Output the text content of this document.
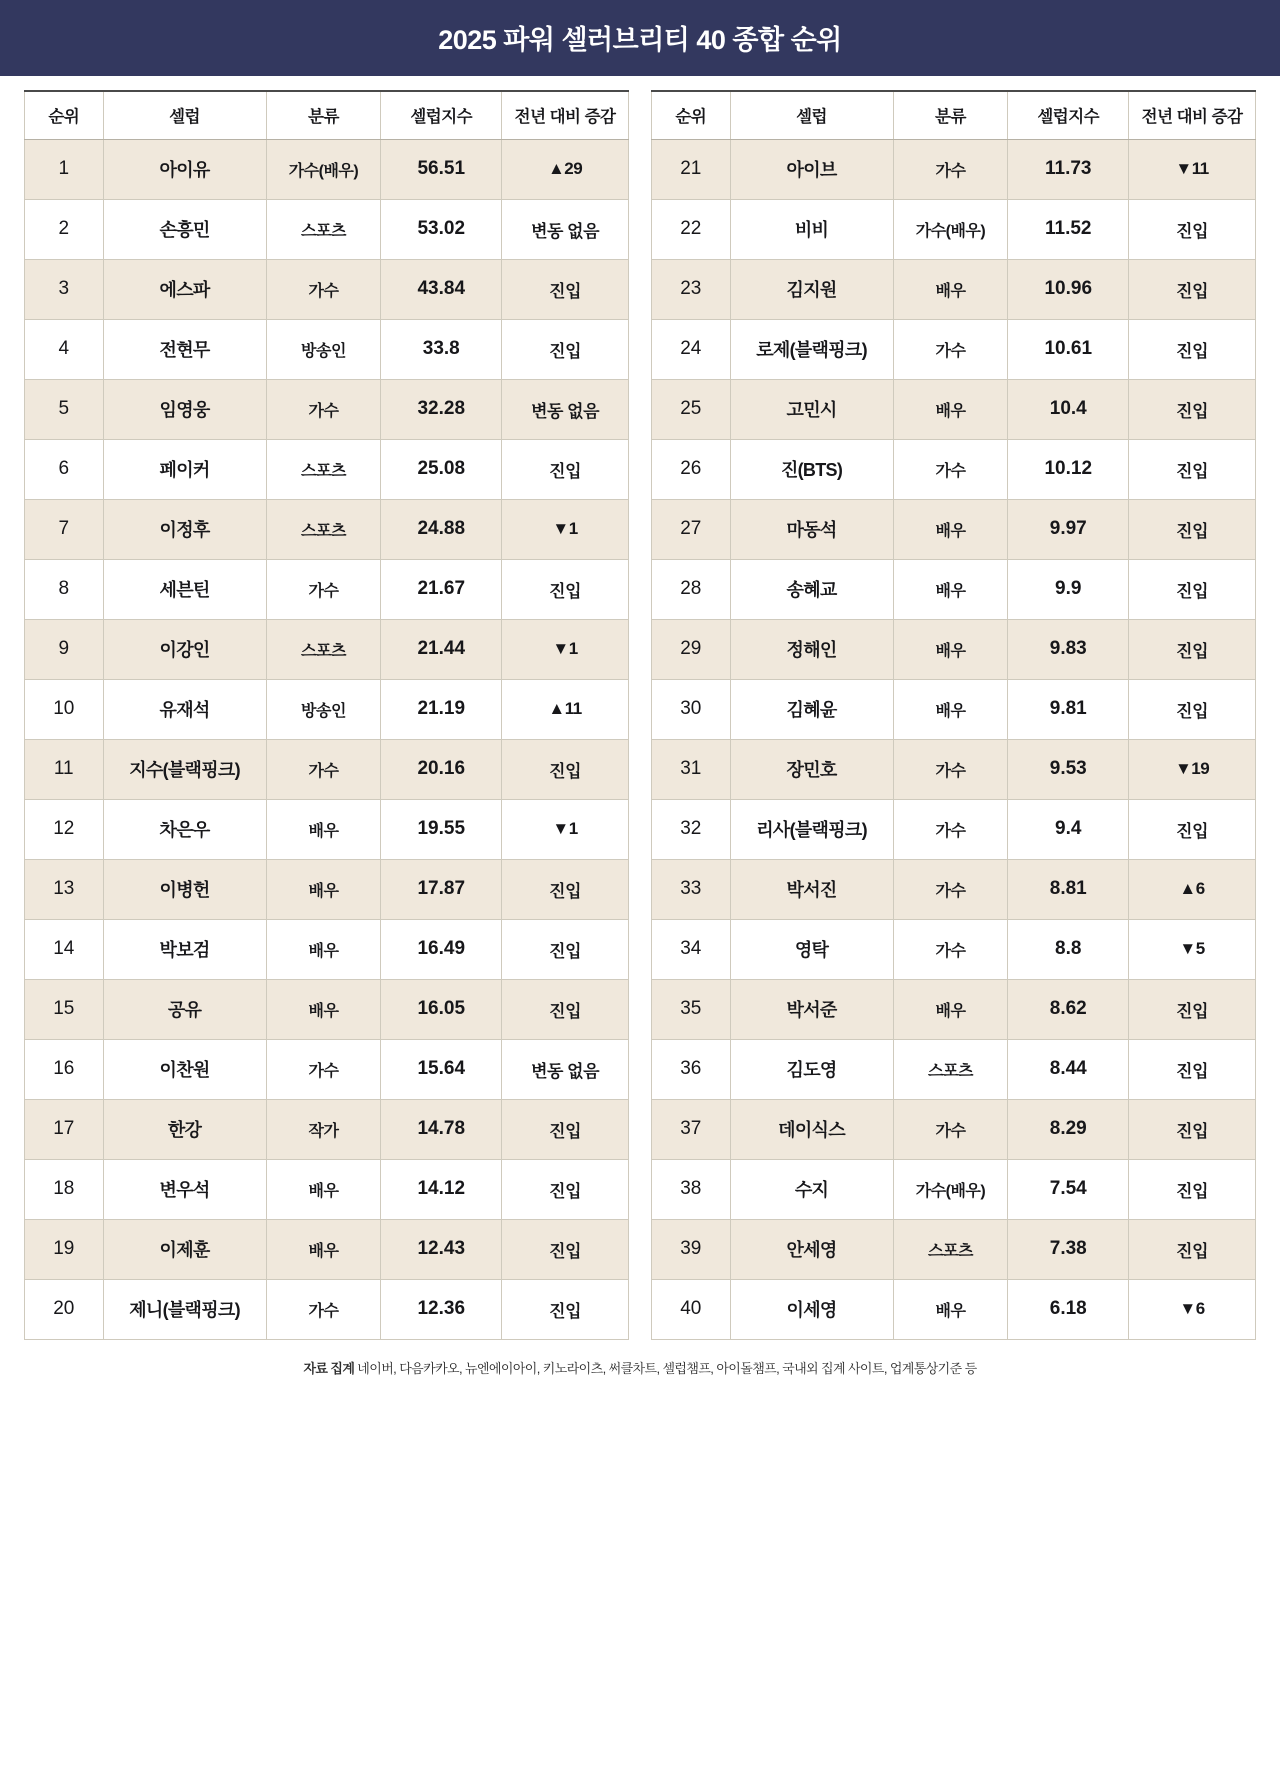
2025 파워 셀러브리티 40 종합 순위
순위	셀럽	분류	셀럽지수	전년 대비 증감
1	아이유	가수(배우)	56.51	▲29
2	손흥민	스포츠	53.02	변동 없음
3	에스파	가수	43.84	진입
4	전현무	방송인	33.8	진입
5	임영웅	가수	32.28	변동 없음
6	페이커	스포츠	25.08	진입
7	이정후	스포츠	24.88	▼1
8	세븐틴	가수	21.67	진입
9	이강인	스포츠	21.44	▼1
10	유재석	방송인	21.19	▲11
11	지수(블랙핑크)	가수	20.16	진입
12	차은우	배우	19.55	▼1
13	이병헌	배우	17.87	진입
14	박보검	배우	16.49	진입
15	공유	배우	16.05	진입
16	이찬원	가수	15.64	변동 없음
17	한강	작가	14.78	진입
18	변우석	배우	14.12	진입
19	이제훈	배우	12.43	진입
20	제니(블랙핑크)	가수	12.36	진입
순위	셀럽	분류	셀럽지수	전년 대비 증감
21	아이브	가수	11.73	▼11
22	비비	가수(배우)	11.52	진입
23	김지원	배우	10.96	진입
24	로제(블랙핑크)	가수	10.61	진입
25	고민시	배우	10.4	진입
26	진(BTS)	가수	10.12	진입
27	마동석	배우	9.97	진입
28	송혜교	배우	9.9	진입
29	정해인	배우	9.83	진입
30	김혜윤	배우	9.81	진입
31	장민호	가수	9.53	▼19
32	리사(블랙핑크)	가수	9.4	진입
33	박서진	가수	8.81	▲6
34	영탁	가수	8.8	▼5
35	박서준	배우	8.62	진입
36	김도영	스포츠	8.44	진입
37	데이식스	가수	8.29	진입
38	수지	가수(배우)	7.54	진입
39	안세영	스포츠	7.38	진입
40	이세영	배우	6.18	▼6
자료 집계 네이버, 다음카카오, 뉴엔에이아이, 키노라이츠, 써클차트, 셀럽챔프, 아이돌챔프, 국내외 집계 사이트, 업계통상기준 등
